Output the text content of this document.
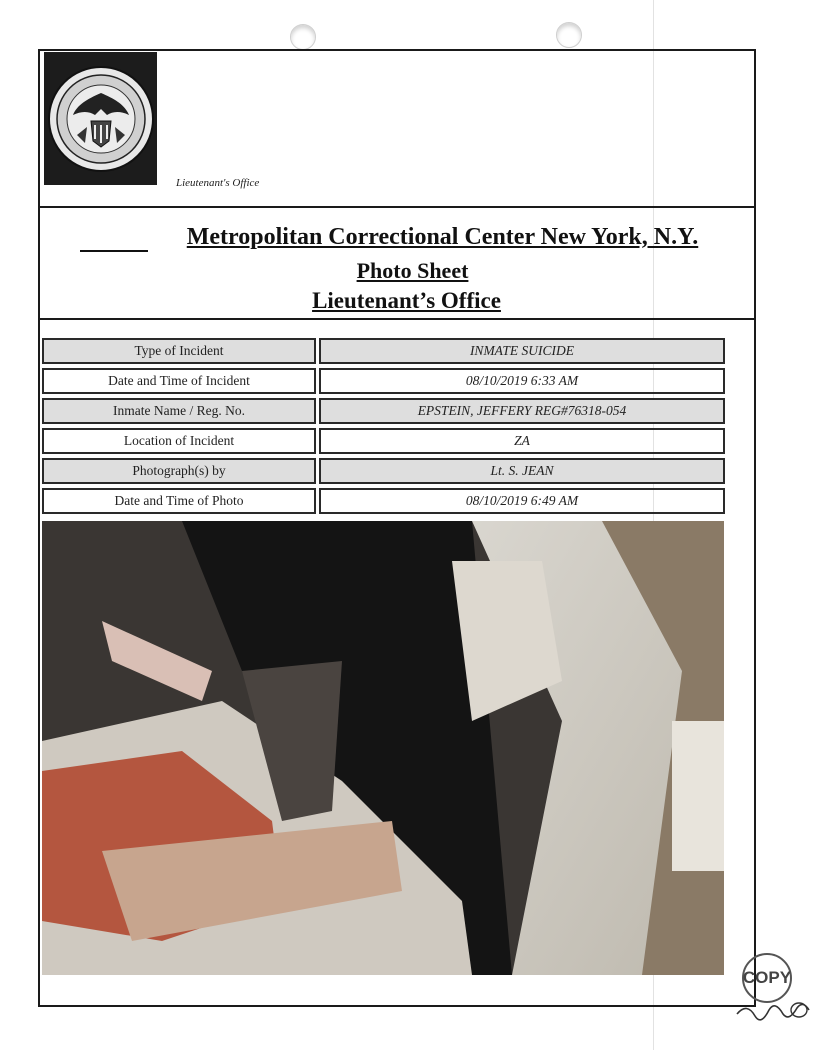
Lieutenant's Office
Metropolitan Correctional Center New York, N.Y.
Photo Sheet
Lieutenant’s Office
Type of Incident	INMATE SUICIDE
Date and Time of Incident	08/10/2019 6:33 AM
Inmate Name / Reg. No.	EPSTEIN, JEFFERY REG#76318-054
Location of Incident	ZA
Photograph(s) by	Lt. S. JEAN
Date and Time of Photo	08/10/2019 6:49 AM
COPY
